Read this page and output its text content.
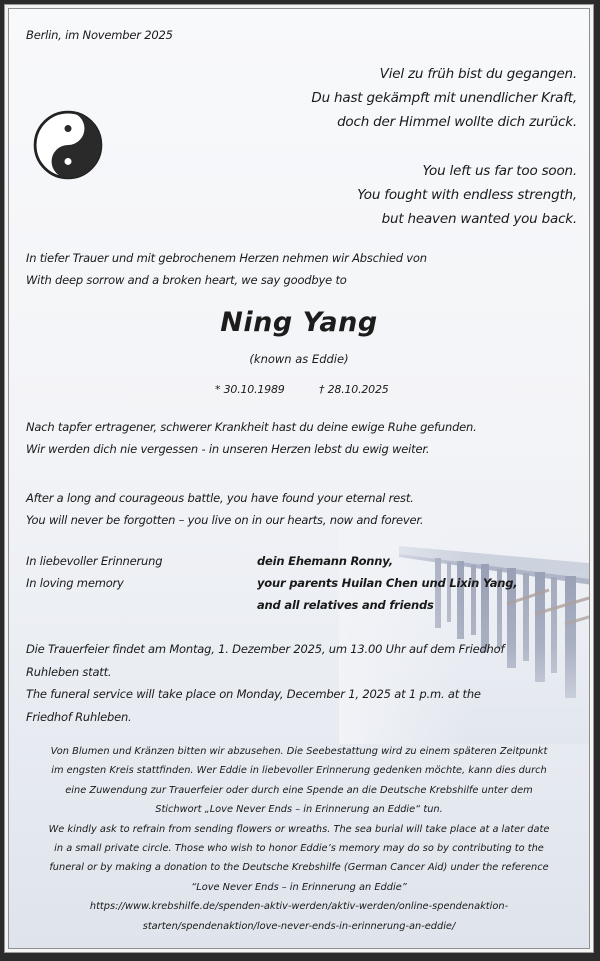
Berlin, im November 2025
Viel zu früh bist du gegangen.
Du hast gekämpft mit unendlicher Kraft,
doch der Himmel wollte dich zurück.
You left us far too soon.
You fought with endless strength,
but heaven wanted you back.
In tiefer Trauer und mit gebrochenem Herzen nehmen wir Abschied von
With deep sorrow and a broken heart, we say goodbye to
Ning Yang
(known as Eddie)
* 30.10.1989	† 28.10.2025
Nach tapfer ertragener, schwerer Krankheit hast du deine ewige Ruhe gefunden.
Wir werden dich nie vergessen - in unseren Herzen lebst du ewig weiter.
After a long and courageous battle, you have found your eternal rest.
You will never be forgotten – you live on in our hearts, now and forever.
In liebevoller Erinnerung
In loving memory
dein Ehemann Ronny,
your parents Huilan Chen und Lixin Yang,
and all relatives and friends
Die Trauerfeier findet am Montag, 1. Dezember 2025, um 13.00 Uhr auf dem Friedhof
Ruhleben statt.
The funeral service will take place on Monday, December 1, 2025 at 1 p.m. at the
Friedhof Ruhleben.
Von Blumen und Kränzen bitten wir abzusehen. Die Seebestattung wird zu einem späteren Zeitpunkt
im engsten Kreis stattfinden. Wer Eddie in liebevoller Erinnerung gedenken möchte, kann dies durch
eine Zuwendung zur Trauerfeier oder durch eine Spende an die Deutsche Krebshilfe unter dem
Stichwort „Love Never Ends – in Erinnerung an Eddie“ tun.
We kindly ask to refrain from sending flowers or wreaths. The sea burial will take place at a later date
in a small private circle. Those who wish to honor Eddie’s memory may do so by contributing to the
funeral or by making a donation to the Deutsche Krebshilfe (German Cancer Aid) under the reference
“Love Never Ends – in Erinnerung an Eddie”
https://www.krebshilfe.de/spenden-aktiv-werden/aktiv-werden/online-spendenaktion-
starten/spendenaktion/love-never-ends-in-erinnerung-an-eddie/
